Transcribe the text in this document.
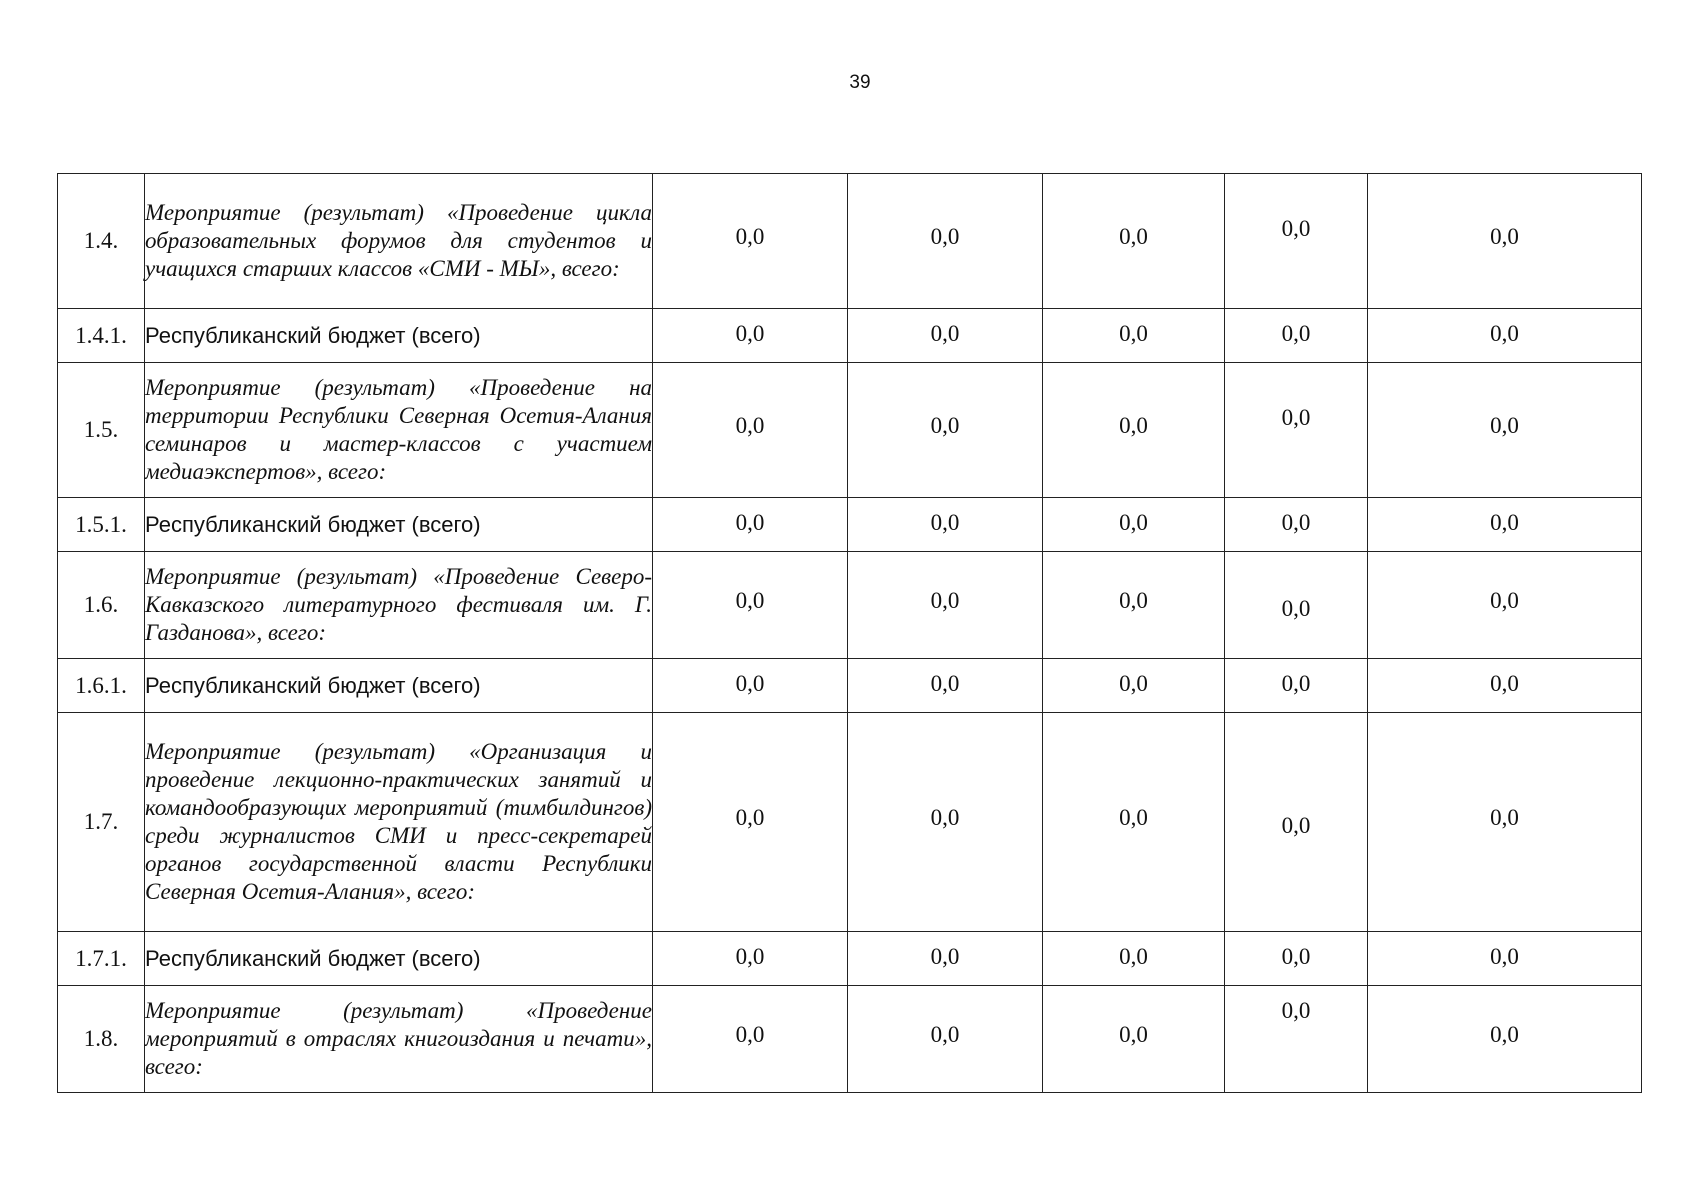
39
1.4.	Мероприятие (результат) «Проведение цикла образовательных форумов для студентов и учащихся старших классов «СМИ - МЫ», всего:	0,0	0,0	0,0	0,0	0,0
1.4.1.	Республиканский бюджет (всего)	0,0	0,0	0,0	0,0	0,0
1.5.	Мероприятие (результат) «Проведение на территории Республики Северная Осетия-Алания семинаров и мастер-классов с участием медиаэкспертов», всего:	0,0	0,0	0,0	0,0	0,0
1.5.1.	Республиканский бюджет (всего)	0,0	0,0	0,0	0,0	0,0
1.6.	Мероприятие (результат) «Проведение Северо-Кавказского литературного фестиваля им. Г. Газданова», всего:	0,0	0,0	0,0	0,0	0,0
1.6.1.	Республиканский бюджет (всего)	0,0	0,0	0,0	0,0	0,0
1.7.	Мероприятие (результат) «Организация и проведение лекционно-практических занятий и командообразующих мероприятий (тимбилдингов) среди журналистов СМИ и пресс-секретарей органов государственной власти Республики Северная Осетия-Алания», всего:	0,0	0,0	0,0	0,0	0,0
1.7.1.	Республиканский бюджет (всего)	0,0	0,0	0,0	0,0	0,0
1.8.	Мероприятие (результат) «Проведение мероприятий в отраслях книгоиздания и печати», всего:	0,0	0,0	0,0	0,0	0,0
